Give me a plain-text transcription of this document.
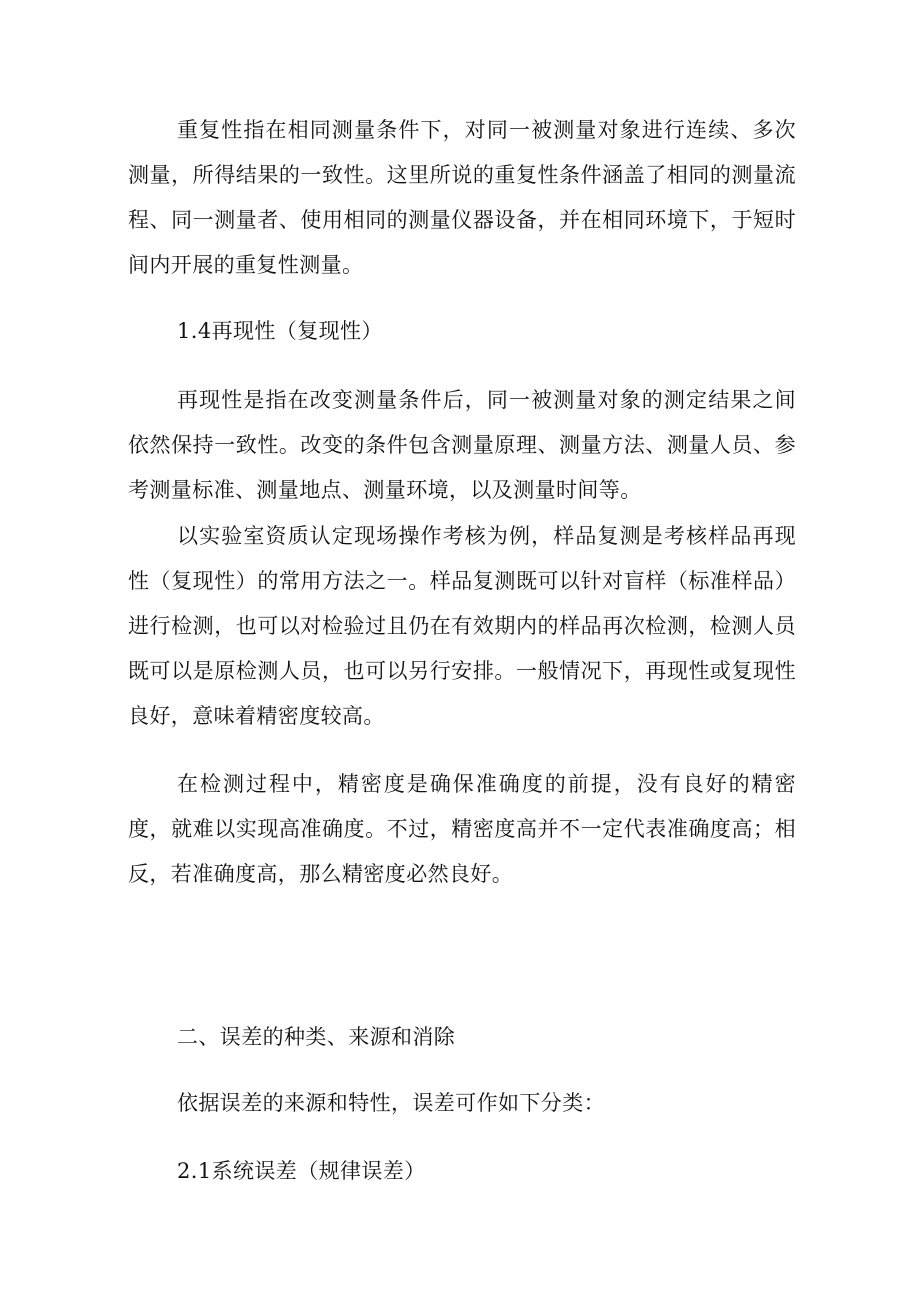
重复性指在相同测量条件下，对同一被测量对象进行连续、多次测量，所得结果的一致性。这里所说的重复性条件涵盖了相同的测量流程、同一测量者、使用相同的测量仪器设备，并在相同环境下，于短时间内开展的重复性测量。

1.4再现性（复现性）

再现性是指在改变测量条件后，同一被测量对象的测定结果之间依然保持一致性。改变的条件包含测量原理、测量方法、测量人员、参考测量标准、测量地点、测量环境，以及测量时间等。

以实验室资质认定现场操作考核为例，样品复测是考核样品再现性（复现性）的常用方法之一。样品复测既可以针对盲样（标准样品）进行检测，也可以对检验过且仍在有效期内的样品再次检测，检测人员既可以是原检测人员，也可以另行安排。一般情况下，再现性或复现性良好，意味着精密度较高。

在检测过程中，精密度是确保准确度的前提，没有良好的精密度，就难以实现高准确度。不过，精密度高并不一定代表准确度高；相反，若准确度高，那么精密度必然良好。

二、误差的种类、来源和消除
依据误差的来源和特性，误差可作如下分类：
2.1系统误差（规律误差）
